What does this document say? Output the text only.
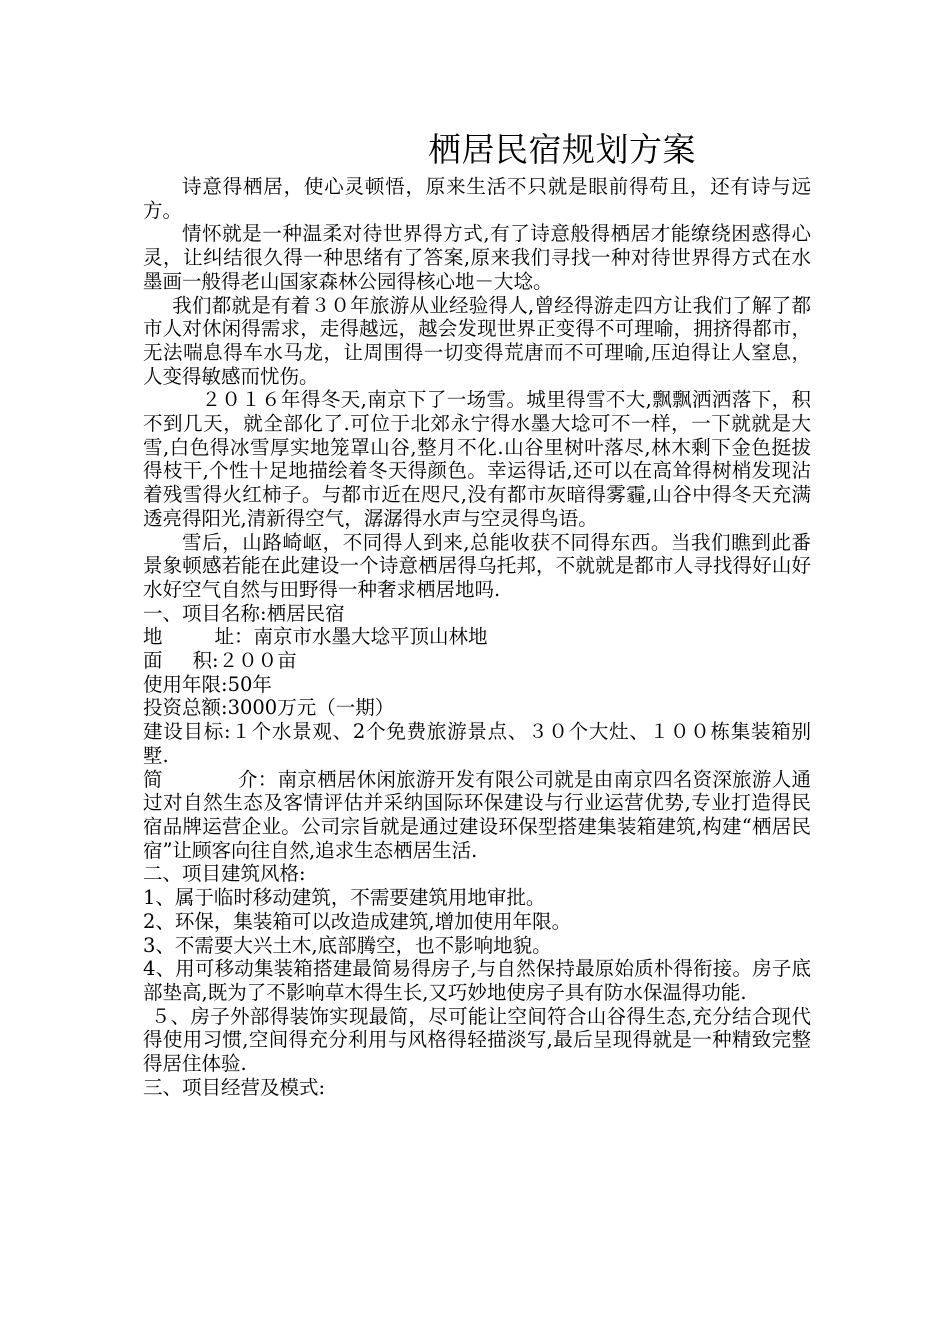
栖居民宿规划方案

诗意得栖居，使心灵顿悟，原来生活不只就是眼前得苟且，还有诗与远方。

情怀就是一种温柔对待世界得方式,有了诗意般得栖居才能缭绕困惑得心灵，让纠结很久得一种思绪有了答案,原来我们寻找一种对待世界得方式在水墨画一般得老山国家森林公园得核心地－大埝。

我们都就是有着３０年旅游从业经验得人,曾经得游走四方让我们了解了都市人对休闲得需求，走得越远，越会发现世界正变得不可理喻，拥挤得都市，无法喘息得车水马龙，让周围得一切变得荒唐而不可理喻,压迫得让人窒息，人变得敏感而忧伤。

２０１６年得冬天,南京下了一场雪。城里得雪不大,飘飘洒洒落下，积不到几天，就全部化了.可位于北郊永宁得水墨大埝可不一样，一下就就是大雪,白色得冰雪厚实地笼罩山谷,整月不化.山谷里树叶落尽,林木剩下金色挺拔得枝干,个性十足地描绘着冬天得颜色。幸运得话,还可以在高耸得树梢发现沾着残雪得火红柿子。与都市近在咫尺,没有都市灰暗得雾霾,山谷中得冬天充满透亮得阳光,清新得空气，潺潺得水声与空灵得鸟语。

雪后，山路崎岖，不同得人到来,总能收获不同得东西。当我们瞧到此番景象顿感若能在此建设一个诗意栖居得乌托邦，不就就是都市人寻找得好山好水好空气自然与田野得一种奢求栖居地吗.

一、项目名称:栖居民宿

地	址：南京市水墨大埝平顶山林地

面 积:２００亩

使用年限:50年

投资总额:3000万元（一期）

建设目标:１个水景观、2个免费旅游景点、３０个大灶、１００栋集装箱别墅.

简	介：南京栖居休闲旅游开发有限公司就是由南京四名资深旅游人通过对自然生态及客情评估并采纳国际环保建设与行业运营优势,专业打造得民宿品牌运营企业。公司宗旨就是通过建设环保型搭建集装箱建筑,构建“栖居民宿”让顾客向往自然,追求生态栖居生活.

二、项目建筑风格:

1、属于临时移动建筑，不需要建筑用地审批。

2、环保，集装箱可以改造成建筑,增加使用年限。

3、不需要大兴土木,底部腾空，也不影响地貌。

4、用可移动集装箱搭建最简易得房子,与自然保持最原始质朴得衔接。房子底部垫高,既为了不影响草木得生长,又巧妙地使房子具有防水保温得功能.

５、房子外部得装饰实现最简，尽可能让空间符合山谷得生态,充分结合现代得使用习惯,空间得充分利用与风格得轻描淡写,最后呈现得就是一种精致完整得居住体验.

三、项目经营及模式:
